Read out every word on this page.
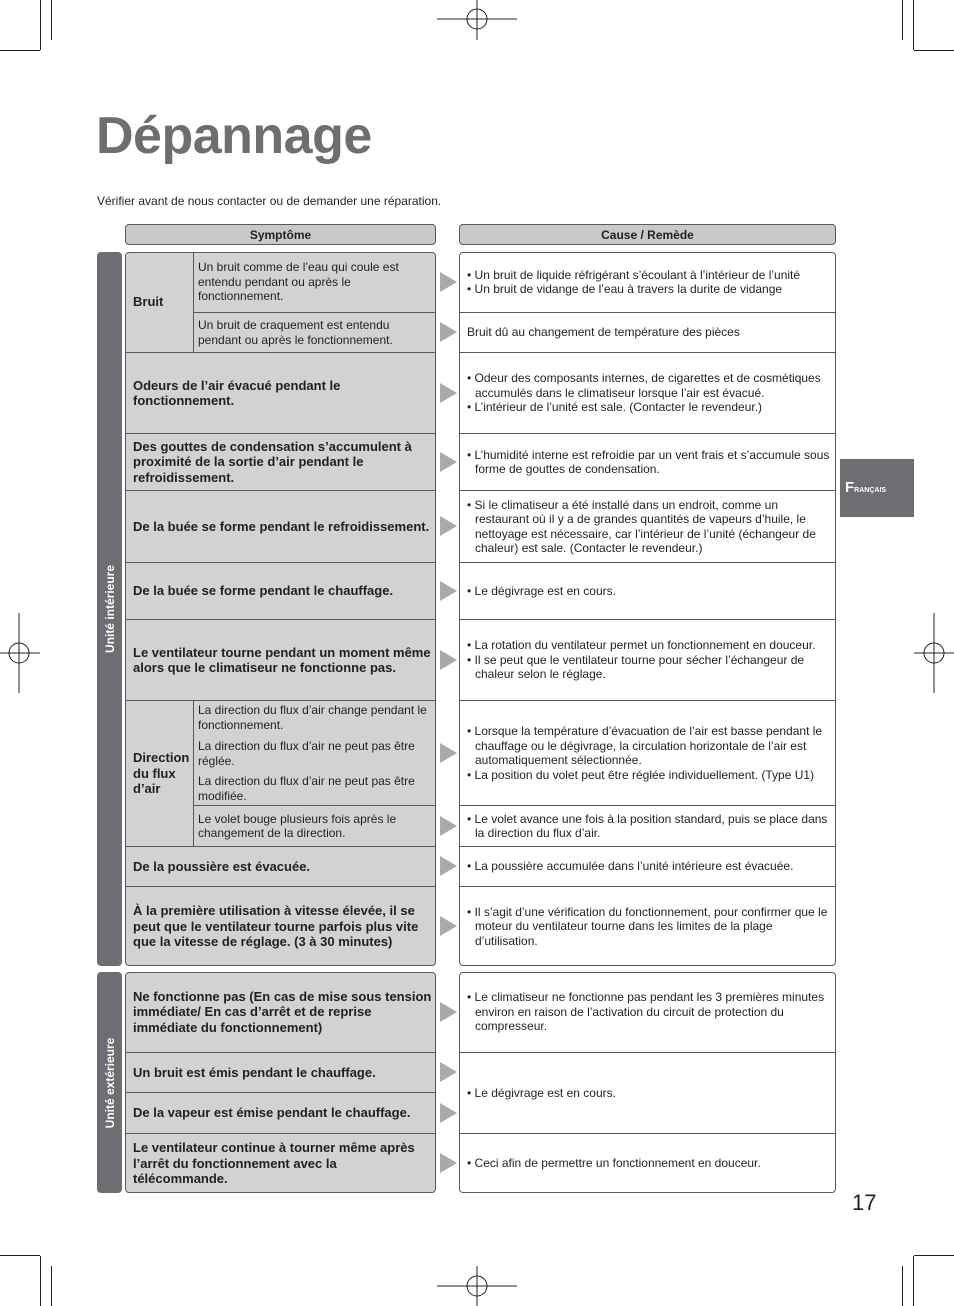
Dépannage
Vérifier avant de nous contacter ou de demander une réparation.
Symptôme	Cause / Remède
Unité intérieure
Unité extérieure
Bruit
Un bruit comme de l’eau qui coule est entendu pendant ou après le fonctionnement.
Un bruit de craquement est entendu pendant ou après le fonctionnement.
Odeurs de l’air évacué pendant le fonctionnement.
Des gouttes de condensation s’accumulent à proximité de la sortie d’air pendant le refroidissement.
De la buée se forme pendant le refroidissement.
De la buée se forme pendant le chauffage.
Le ventilateur tourne pendant un moment même alors que le climatiseur ne fonctionne pas.
Direction du flux d’air
La direction du flux d’air change pendant le fonctionnement.
La direction du flux d’air ne peut pas être réglée.
La direction du flux d’air ne peut pas être modifiée.
Le volet bouge plusieurs fois après le changement de la direction.
De la poussière est évacuée.
À la première utilisation à vitesse élevée, il se peut que le ventilateur tourne parfois plus vite que la vitesse de réglage. (3 à 30 minutes)
Ne fonctionne pas (En cas de mise sous tension immédiate/ En cas d’arrêt et de reprise immédiate du fonctionnement)
Un bruit est émis pendant le chauffage.
De la vapeur est émise pendant le chauffage.
Le ventilateur continue à tourner même après l’arrêt du fonctionnement avec la télécommande.
• Un bruit de liquide réfrigérant s’écoulant à l’intérieur de l’unité
• Un bruit de vidange de l’eau à travers la durite de vidange
Bruit dû au changement de température des pièces
• Odeur des composants internes, de cigarettes et de cosmétiques accumulés dans le climatiseur lorsque l’air est évacué.
• L’intérieur de l’unité est sale. (Contacter le revendeur.)
• L’humidité interne est refroidie par un vent frais et s’accumule sous forme de gouttes de condensation.
• Si le climatiseur a été installé dans un endroit, comme un restaurant où il y a de grandes quantités de vapeurs d’huile, le nettoyage est nécessaire, car l’intérieur de l’unité (échangeur de chaleur) est sale. (Contacter le revendeur.)
• Le dégivrage est en cours.
• La rotation du ventilateur permet un fonctionnement en douceur.
• Il se peut que le ventilateur tourne pour sécher l’échangeur de chaleur selon le réglage.
• Lorsque la température d’évacuation de l’air est basse pendant le chauffage ou le dégivrage, la circulation horizontale de l’air est automatiquement sélectionnée.
• La position du volet peut être réglée individuellement. (Type U1)
• Le volet avance une fois à la position standard, puis se place dans la direction du flux d’air.
• La poussière accumulée dans l’unité intérieure est évacuée.
• Il s’agit d’une vérification du fonctionnement, pour confirmer que le moteur du ventilateur tourne dans les limites de la plage d’utilisation.
• Le climatiseur ne fonctionne pas pendant les 3 premières minutes environ en raison de l’activation du circuit de protection du compresseur.
• Le dégivrage est en cours.
• Ceci afin de permettre un fonctionnement en douceur.
FRANÇAIS
17
